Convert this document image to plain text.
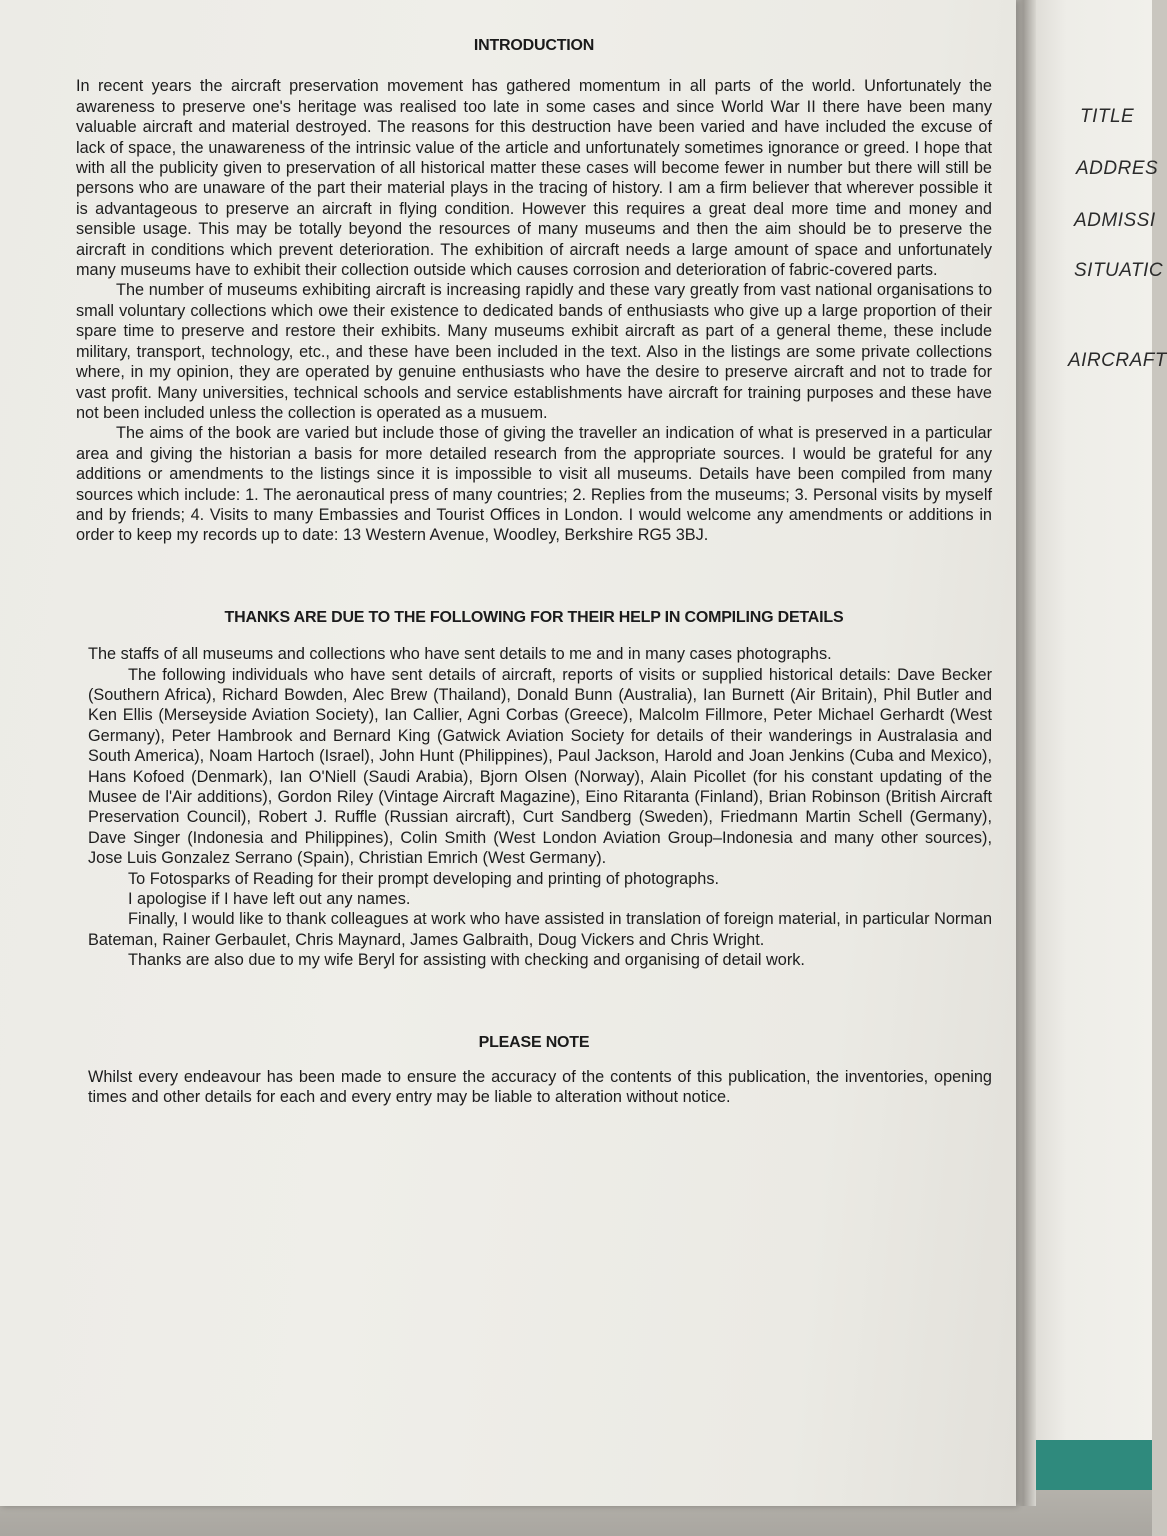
TITLE
ADDRES
ADMISSI
SITUATIC
AIRCRAFT
INTRODUCTION

In recent years the aircraft preservation movement has gathered momentum in all parts of the world. Unfortunately the awareness to preserve one's heritage was realised too late in some cases and since World War II there have been many valuable aircraft and material destroyed. The reasons for this destruction have been varied and have included the excuse of lack of space, the unawareness of the intrinsic value of the article and unfortunately sometimes ignorance or greed. I hope that with all the publicity given to preservation of all historical matter these cases will become fewer in number but there will still be persons who are unaware of the part their material plays in the tracing of history. I am a firm believer that wherever possible it is advantageous to preserve an aircraft in flying condition. However this requires a great deal more time and money and sensible usage. This may be totally beyond the resources of many museums and then the aim should be to preserve the aircraft in conditions which prevent deterioration. The exhibition of aircraft needs a large amount of space and unfortunately many museums have to exhibit their collection outside which causes corrosion and deterioration of fabric-covered parts.

The number of museums exhibiting aircraft is increasing rapidly and these vary greatly from vast national organisations to small voluntary collections which owe their existence to dedicated bands of enthusiasts who give up a large proportion of their spare time to preserve and restore their exhibits. Many museums exhibit aircraft as part of a general theme, these include military, transport, technology, etc., and these have been included in the text. Also in the listings are some private collections where, in my opinion, they are operated by genuine enthusiasts who have the desire to preserve aircraft and not to trade for vast profit. Many universities, technical schools and service establishments have aircraft for training purposes and these have not been included unless the collection is operated as a musuem.

The aims of the book are varied but include those of giving the traveller an indication of what is preserved in a particular area and giving the historian a basis for more detailed research from the appropriate sources. I would be grateful for any additions or amendments to the listings since it is impossible to visit all museums. Details have been compiled from many sources which include: 1. The aeronautical press of many countries; 2. Replies from the museums; 3. Personal visits by myself and by friends; 4. Visits to many Embassies and Tourist Offices in London. I would welcome any amendments or additions in order to keep my records up to date: 13 Western Avenue, Woodley, Berkshire RG5 3BJ.

THANKS ARE DUE TO THE FOLLOWING FOR THEIR HELP IN COMPILING DETAILS

The staffs of all museums and collections who have sent details to me and in many cases photographs.

The following individuals who have sent details of aircraft, reports of visits or supplied historical details: Dave Becker (Southern Africa), Richard Bowden, Alec Brew (Thailand), Donald Bunn (Australia), Ian Burnett (Air Britain), Phil Butler and Ken Ellis (Merseyside Aviation Society), Ian Callier, Agni Corbas (Greece), Malcolm Fillmore, Peter Michael Gerhardt (West Germany), Peter Hambrook and Bernard King (Gatwick Aviation Society for details of their wanderings in Australasia and South America), Noam Hartoch (Israel), John Hunt (Philippines), Paul Jackson, Harold and Joan Jenkins (Cuba and Mexico), Hans Kofoed (Denmark), Ian O'Niell (Saudi Arabia), Bjorn Olsen (Norway), Alain Picollet (for his constant updating of the Musee de l'Air additions), Gordon Riley (Vintage Aircraft Magazine), Eino Ritaranta (Finland), Brian Robinson (British Aircraft Preservation Council), Robert J. Ruffle (Russian aircraft), Curt Sandberg (Sweden), Friedmann Martin Schell (Germany), Dave Singer (Indonesia and Philippines), Colin Smith (West London Aviation Group–Indonesia and many other sources), Jose Luis Gonzalez Serrano (Spain), Christian Emrich (West Germany).

To Fotosparks of Reading for their prompt developing and printing of photographs.

I apologise if I have left out any names.

Finally, I would like to thank colleagues at work who have assisted in translation of foreign material, in particular Norman Bateman, Rainer Gerbaulet, Chris Maynard, James Galbraith, Doug Vickers and Chris Wright.

Thanks are also due to my wife Beryl for assisting with checking and organising of detail work.

PLEASE NOTE

Whilst every endeavour has been made to ensure the accuracy of the contents of this publication, the inventories, opening times and other details for each and every entry may be liable to alteration without notice.
